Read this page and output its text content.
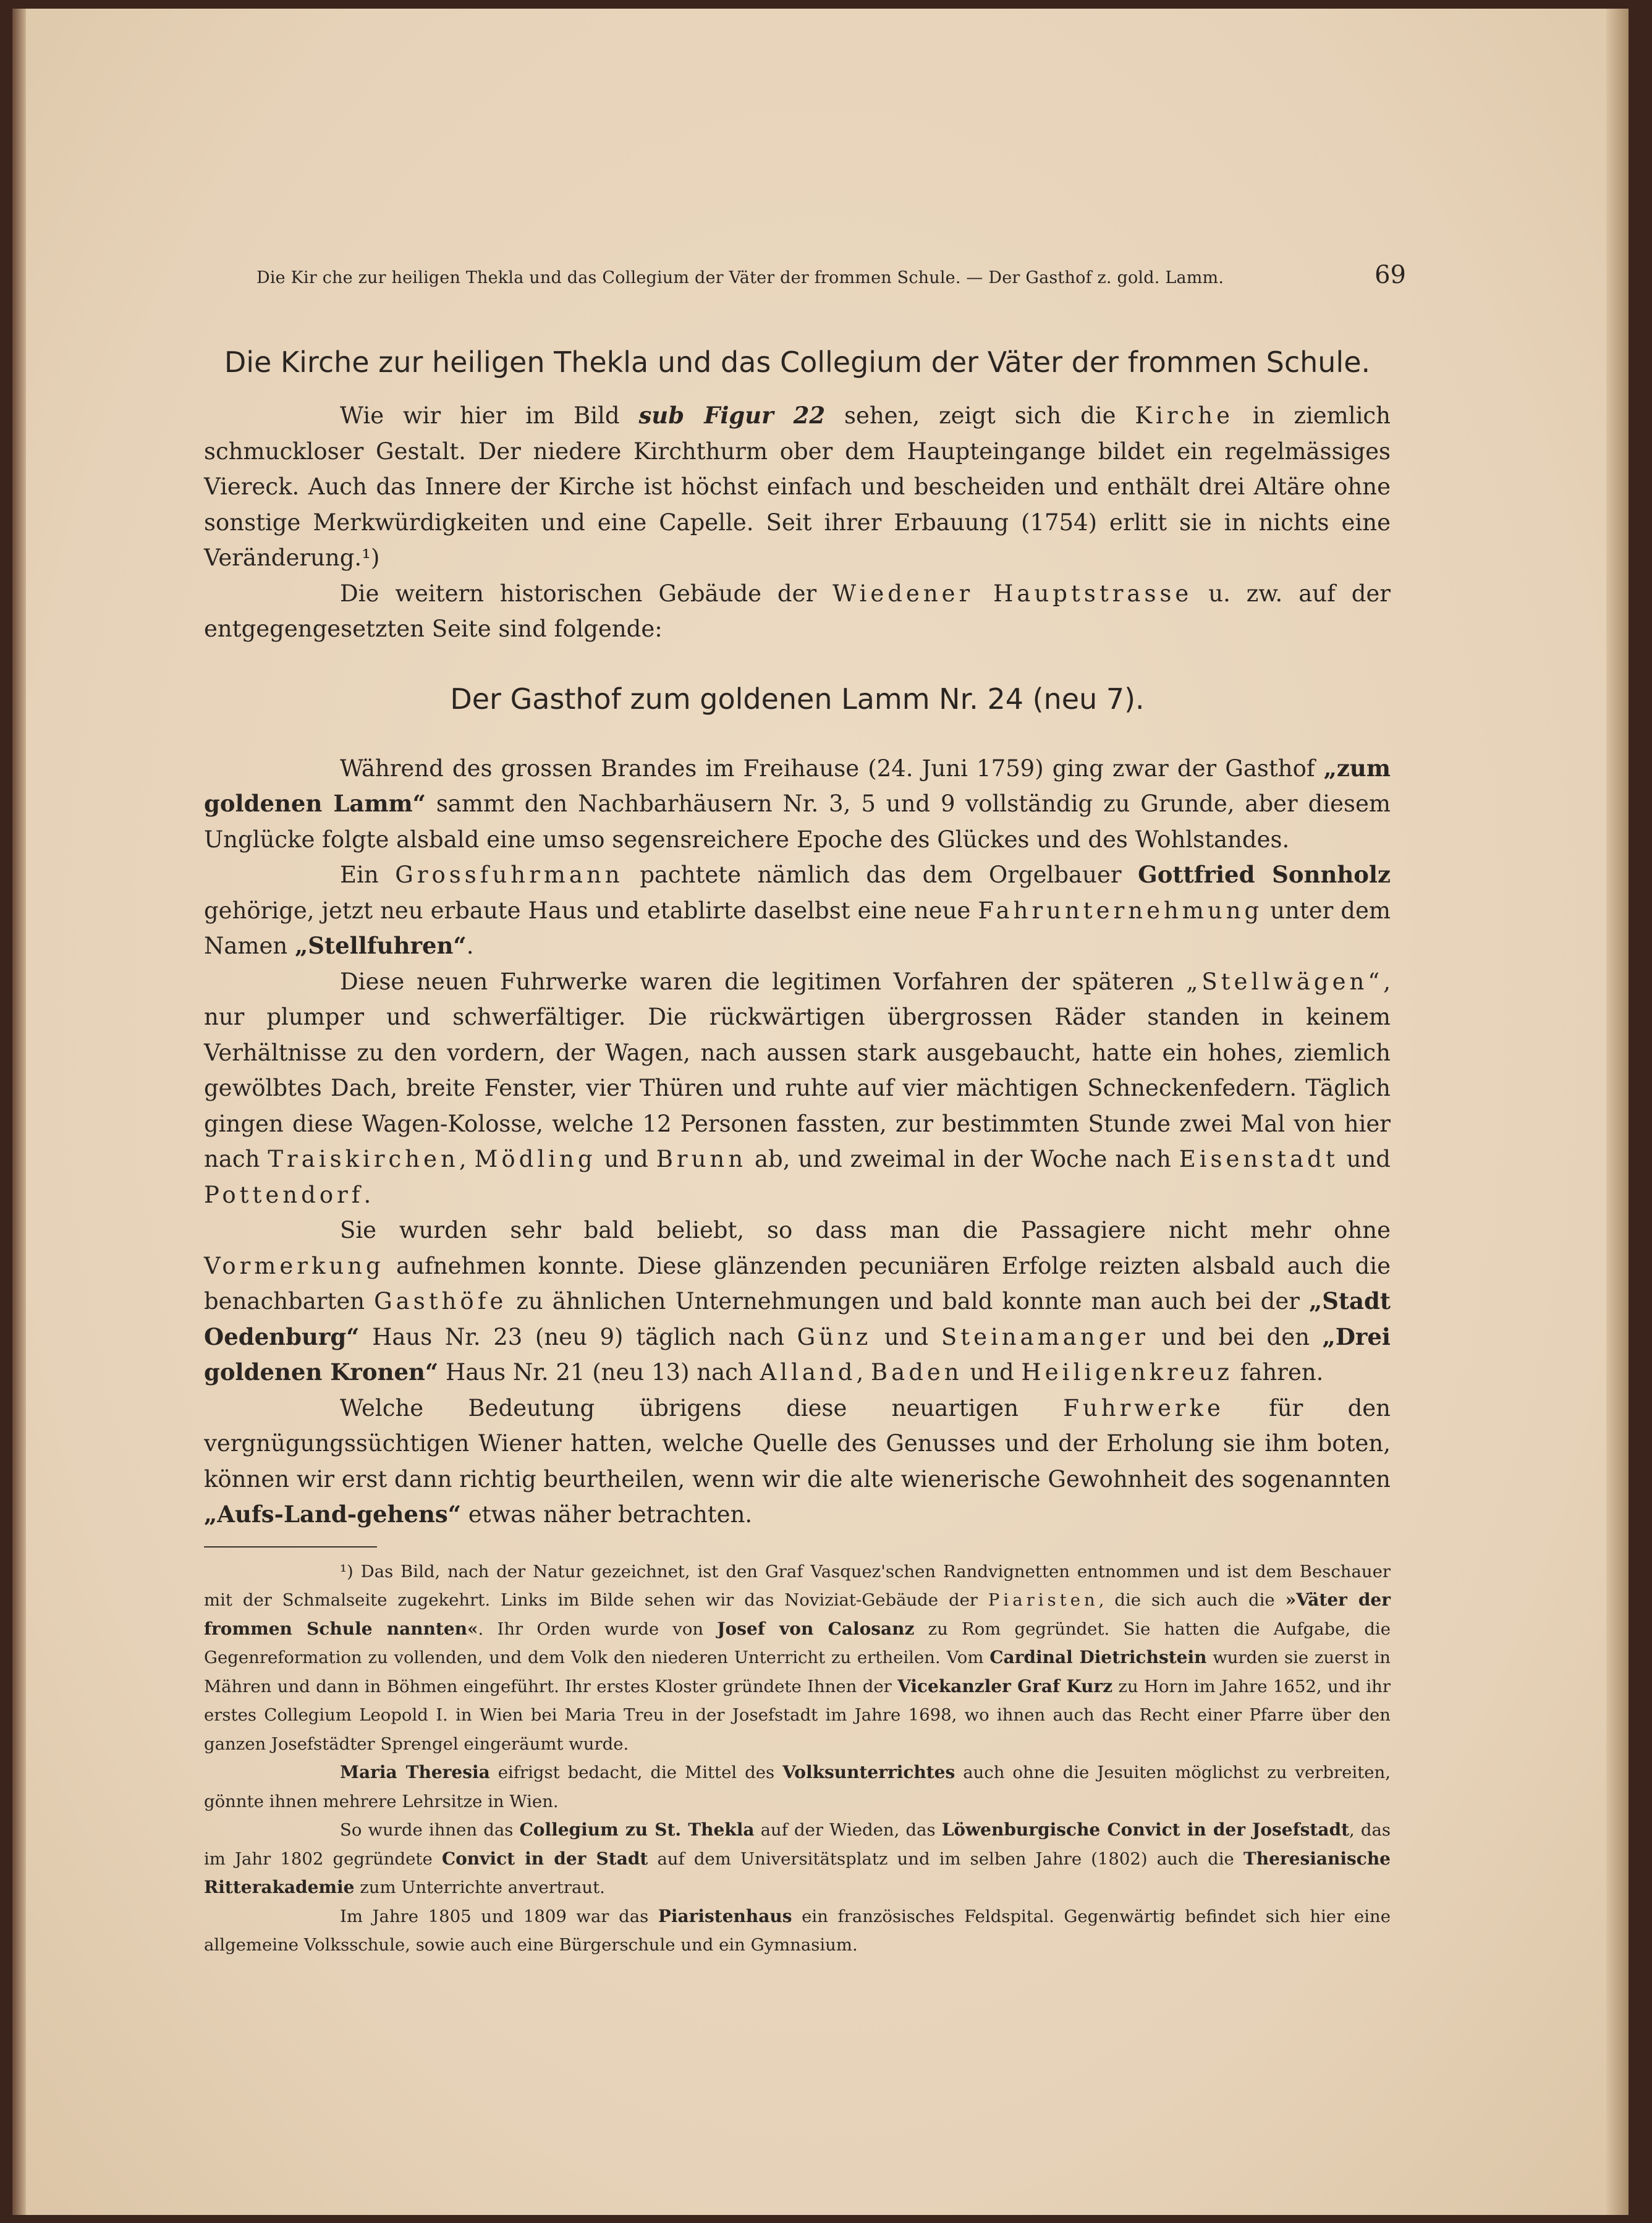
Die Kir che zur heiligen Thekla und das Collegium der Väter der frommen Schule. — Der Gasthof z. gold. Lamm.	69
Die Kirche zur heiligen Thekla und das Collegium der Väter der frommen Schule.

Wie wir hier im Bild sub Figur 22 sehen, zeigt sich die Kirche in ziemlich schmuckloser Gestalt. Der niedere Kirchthurm ober dem Haupteingange bildet ein regelmässiges Viereck. Auch das Innere der Kirche ist höchst einfach und bescheiden und enthält drei Altäre ohne sonstige Merkwürdigkeiten und eine Capelle. Seit ihrer Erbauung (1754) erlitt sie in nichts eine Veränderung.¹)

Die weitern historischen Gebäude der Wiedener Hauptstrasse u. zw. auf der entgegengesetzten Seite sind folgende:

Der Gasthof zum goldenen Lamm Nr. 24 (neu 7).

Während des grossen Brandes im Freihause (24. Juni 1759) ging zwar der Gasthof „zum goldenen Lamm“ sammt den Nachbarhäusern Nr. 3, 5 und 9 vollständig zu Grunde, aber diesem Unglücke folgte alsbald eine umso segensreichere Epoche des Glückes und des Wohlstandes.

Ein Grossfuhrmann pachtete nämlich das dem Orgelbauer Gottfried Sonnholz gehörige, jetzt neu erbaute Haus und etablirte daselbst eine neue Fahrunternehmung unter dem Namen „Stellfuhren“.

Diese neuen Fuhrwerke waren die legitimen Vorfahren der späteren „Stellwägen“, nur plumper und schwerfältiger. Die rückwärtigen übergrossen Räder standen in keinem Verhältnisse zu den vordern, der Wagen, nach aussen stark ausgebaucht, hatte ein hohes, ziemlich gewölbtes Dach, breite Fenster, vier Thüren und ruhte auf vier mächtigen Schneckenfedern. Täglich gingen diese Wagen-Kolosse, welche 12 Personen fassten, zur bestimmten Stunde zwei Mal von hier nach Traiskirchen, Mödling und Brunn ab, und zweimal in der Woche nach Eisenstadt und Pottendorf.

Sie wurden sehr bald beliebt, so dass man die Passagiere nicht mehr ohne Vormerkung aufnehmen konnte. Diese glänzenden pecuniären Erfolge reizten alsbald auch die benachbarten Gasthöfe zu ähnlichen Unternehmungen und bald konnte man auch bei der „Stadt Oedenburg“ Haus Nr. 23 (neu 9) täglich nach Günz und Steinamanger und bei den „Drei goldenen Kronen“ Haus Nr. 21 (neu 13) nach Alland, Baden und Heiligenkreuz fahren.

Welche Bedeutung übrigens diese neuartigen Fuhrwerke für den vergnügungssüchtigen Wiener hatten, welche Quelle des Genusses und der Erholung sie ihm boten, können wir erst dann richtig beurtheilen, wenn wir die alte wienerische Gewohnheit des sogenannten „Aufs-Land-gehens“ etwas näher betrachten.

¹) Das Bild, nach der Natur gezeichnet, ist den Graf Vasquez'schen Randvignetten entnommen und ist dem Beschauer mit der Schmalseite zugekehrt. Links im Bilde sehen wir das Noviziat-Gebäude der Piaristen, die sich auch die »Väter der frommen Schule nannten«. Ihr Orden wurde von Josef von Calosanz zu Rom gegründet. Sie hatten die Aufgabe, die Gegenreformation zu vollenden, und dem Volk den niederen Unterricht zu ertheilen. Vom Cardinal Dietrichstein wurden sie zuerst in Mähren und dann in Böhmen eingeführt. Ihr erstes Kloster gründete Ihnen der Vicekanzler Graf Kurz zu Horn im Jahre 1652, und ihr erstes Collegium Leopold I. in Wien bei Maria Treu in der Josefstadt im Jahre 1698, wo ihnen auch das Recht einer Pfarre über den ganzen Josefstädter Sprengel eingeräumt wurde.

Maria Theresia eifrigst bedacht, die Mittel des Volksunterrichtes auch ohne die Jesuiten möglichst zu verbreiten, gönnte ihnen mehrere Lehrsitze in Wien.

So wurde ihnen das Collegium zu St. Thekla auf der Wieden, das Löwenburgische Convict in der Josefstadt, das im Jahr 1802 gegründete Convict in der Stadt auf dem Universitätsplatz und im selben Jahre (1802) auch die Theresianische Ritterakademie zum Unterrichte anvertraut.

Im Jahre 1805 und 1809 war das Piaristenhaus ein französisches Feldspital. Gegenwärtig befindet sich hier eine allgemeine Volksschule, sowie auch eine Bürgerschule und ein Gymnasium.
